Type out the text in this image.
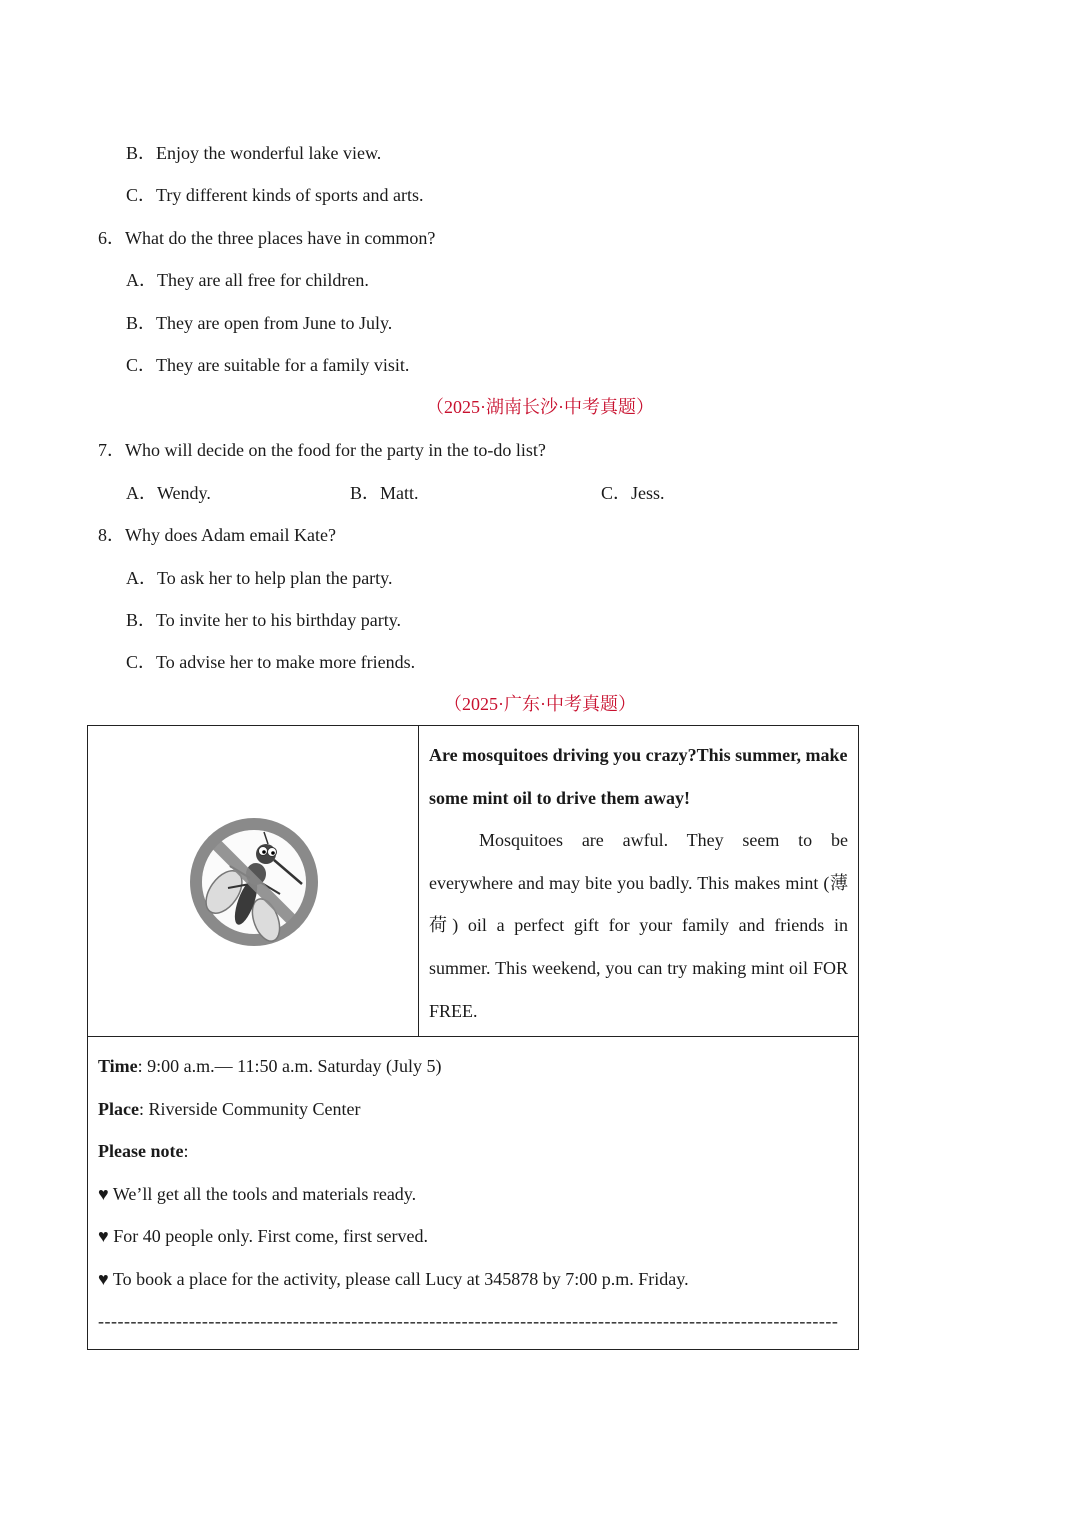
B．Enjoy the wonderful lake view.
C．Try different kinds of sports and arts.
6．What do the three places have in common?
A．They are all free for children.
B．They are open from June to July.
C．They are suitable for a family visit.
（2025·湖南长沙·中考真题）
7．Who will decide on the food for the party in the to-do list?
A．Wendy.	B．Matt.	C．Jess.
8．Why does Adam email Kate?
A．To ask her to help plan the party.
B．To invite her to his birthday party.
C．To advise her to make more friends.
（2025·广东·中考真题）

Are mosquitoes driving you crazy?This summer, make some mint oil to drive them away!
Mosquitoes are awful. They seem to be everywhere and may bite you badly. This makes mint (薄荷) oil a perfect gift for your family and friends in summer. This weekend, you can try making mint oil FOR FREE.

Time: 9:00 a.m.— 11:50 a.m. Saturday (July 5)
Place: Riverside Community Center
Please note:
♥ We’ll get all the tools and materials ready.
♥ For 40 people only. First come, first served.
♥ To book a place for the activity, please call Lucy at 345878 by 7:00 p.m. Friday.
------------------------------------------------------------------------------------------------------------------
